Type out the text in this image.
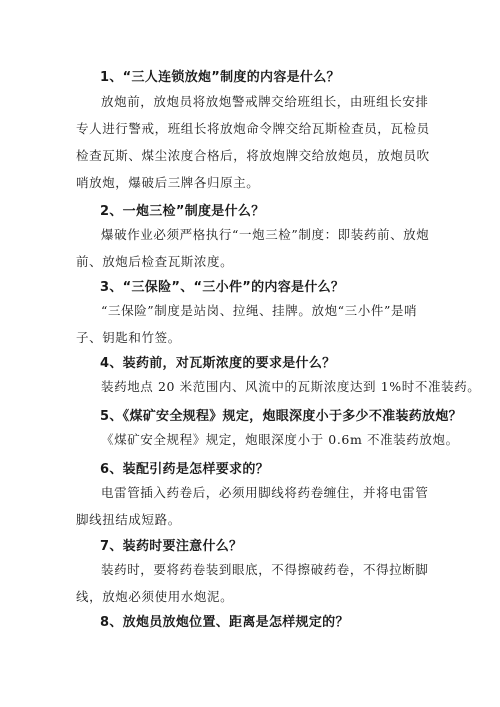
1、“三人连锁放炮”制度的内容是什么？
放炮前，放炮员将放炮警戒牌交给班组长，由班组长安排专人进行警戒，班组长将放炮命令牌交给瓦斯检查员，瓦检员检查瓦斯、煤尘浓度合格后，将放炮牌交给放炮员，放炮员吹哨放炮，爆破后三牌各归原主。
2、一炮三检”制度是什么？
爆破作业必须严格执行“一炮三检”制度：即装药前、放炮前、放炮后检查瓦斯浓度。
3、“三保险”、“三小件”的内容是什么？
“三保险”制度是站岗、拉绳、挂牌。放炮“三小件”是哨子、钥匙和竹签。
4、装药前，对瓦斯浓度的要求是什么？
装药地点 20 米范围内、风流中的瓦斯浓度达到 1%时不准装药。
5、《煤矿安全规程》规定，炮眼深度小于多少不准装药放炮？
《煤矿安全规程》规定，炮眼深度小于 0.6m 不准装药放炮。
6、装配引药是怎样要求的？
电雷管插入药卷后，必须用脚线将药卷缠住，并将电雷管脚线扭结成短路。
7、装药时要注意什么？
装药时，要将药卷装到眼底，不得擦破药卷，不得拉断脚线，放炮必须使用水炮泥。
8、放炮员放炮位置、距离是怎样规定的？
